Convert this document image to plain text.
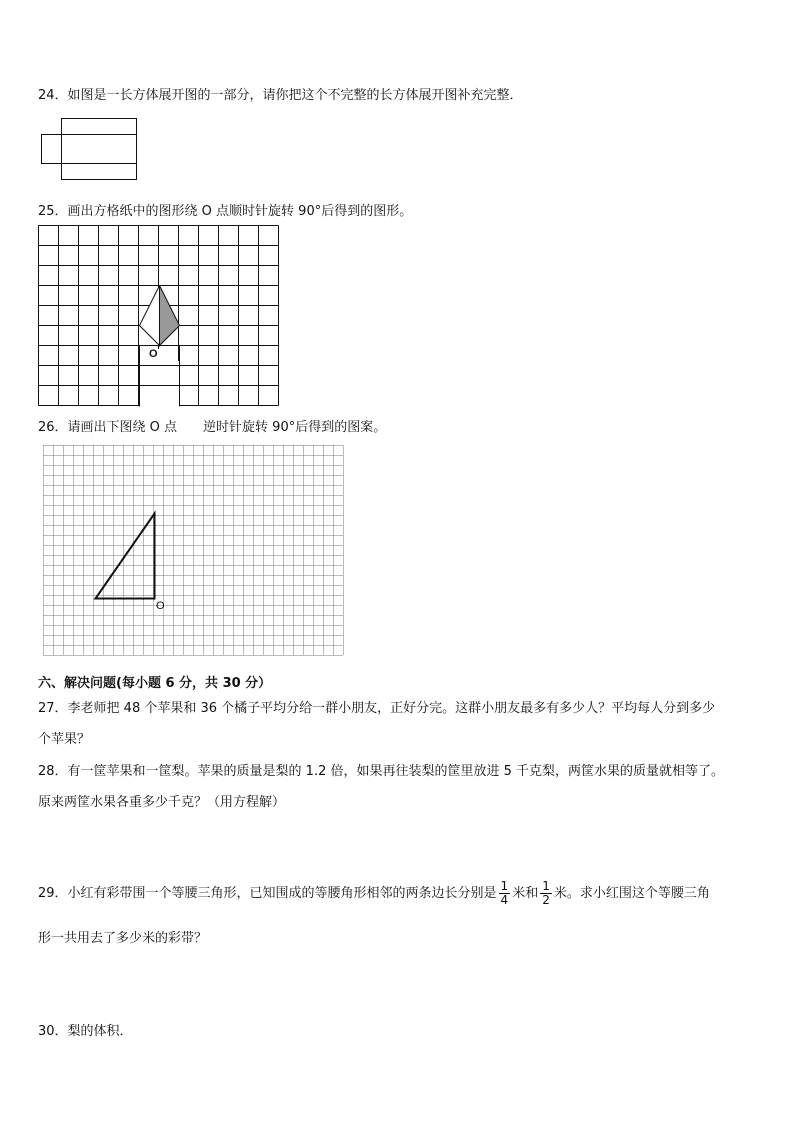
24．如图是一长方体展开图的一部分，请你把这个不完整的长方体展开图补充完整．
25．画出方格纸中的图形绕 O 点顺时针旋转 90°后得到的图形。
O
26．请画出下图绕 O 点　　逆时针旋转 90°后得到的图案。
O
六、解决问题(每小题 6 分，共 30 分）
27．李老师把 48 个苹果和 36 个橘子平均分给一群小朋友，正好分完。这群小朋友最多有多少人？平均每人分到多少
个苹果？
28．有一筐苹果和一筐梨。苹果的质量是梨的 1.2 倍，如果再往装梨的筐里放进 5 千克梨，两筐水果的质量就相等了。
原来两筐水果各重多少千克？（用方程解）
29．小红有彩带围一个等腰三角形，已知围成的等腰角形相邻的两条边长分别是 $\frac{1}{4}$ 米和 $\frac{1}{2}$ 米。求小红围这个等腰三角
形一共用去了多少米的彩带？
30．梨的体积．
